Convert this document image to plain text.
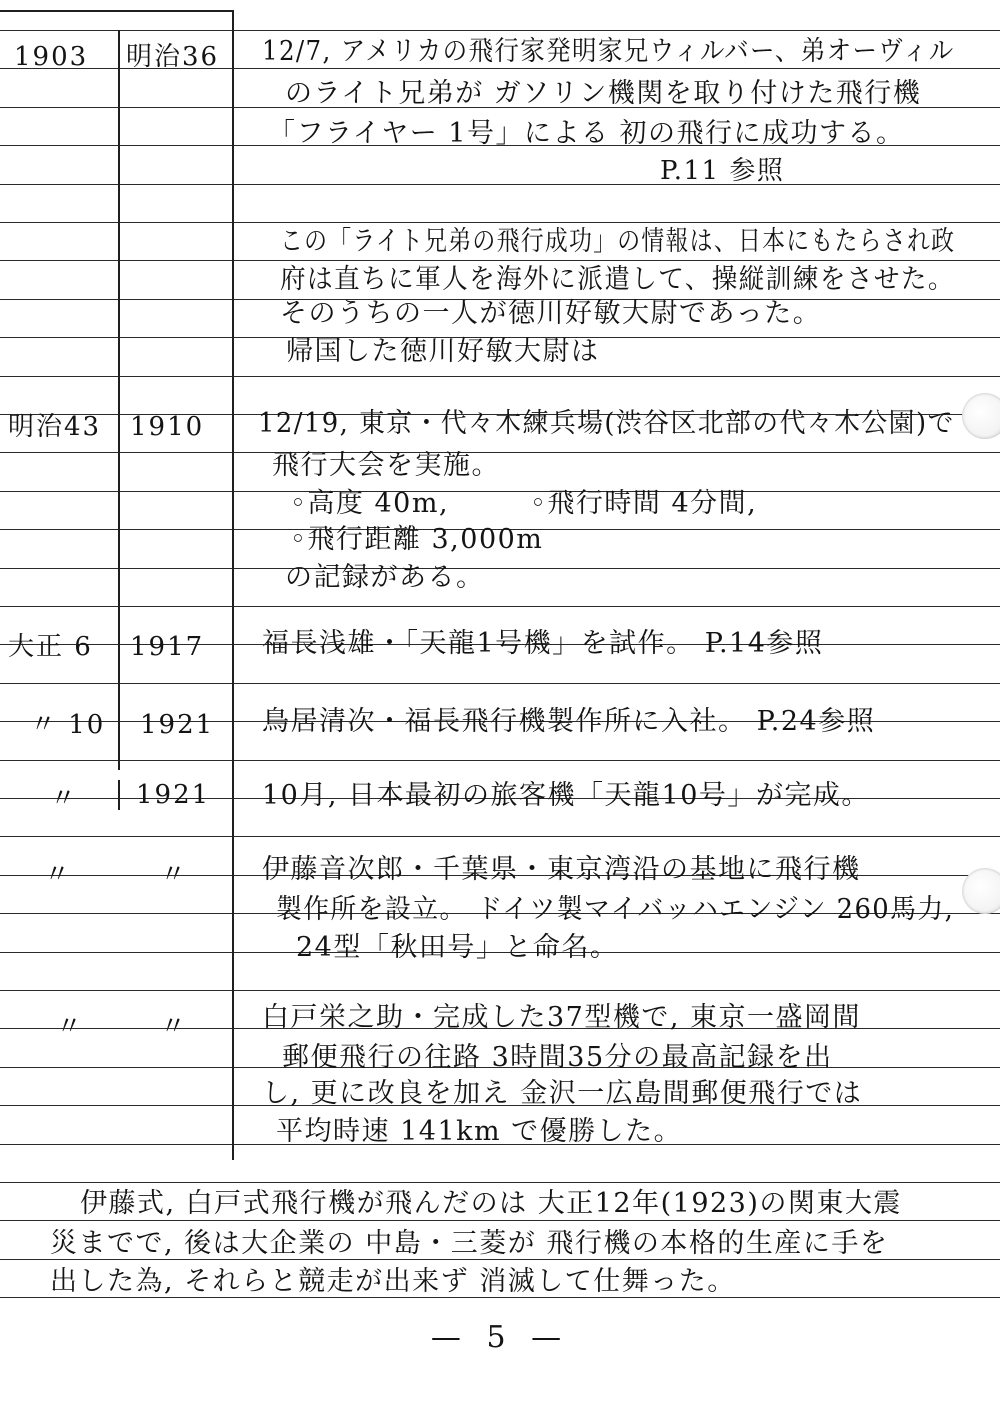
1903 明治36 12/7, アメリカの飛行家発明家兄ウィルバー、弟オーヴィル
のライト兄弟が ガソリン機関を取り付けた飛行機
「フライヤー 1号」による 初の飛行に成功する。
P.11 参照
この「ライト兄弟の飛行成功」の情報は、日本にもたらされ政
府は直ちに軍人を海外に派遣して、操縦訓練をさせた。
そのうちの一人が徳川好敏大尉であった。
帰国した徳川好敏大尉は
明治43 1910 12/19, 東京・代々木練兵場(渋谷区北部の代々木公園)で
飛行大会を実施。
◦高度 40m,	◦飛行時間 4分間,
◦飛行距離 3,000m
の記録がある。
大正 6 1917 福長浅雄・「天龍1号機」を試作。 P.14参照
〃 10 1921 鳥居清次・福長飛行機製作所に入社。 P.24参照
〃 1921 10月, 日本最初の旅客機「天龍10号」が完成。
〃	〃	伊藤音次郎・千葉県・東京湾沿の基地に飛行機
製作所を設立。 ドイツ製マイバッハエンジン 260馬力,
24型「秋田号」と命名。
〃	〃	白戸栄之助・完成した37型機で, 東京一盛岡間
郵便飛行の往路 3時間35分の最高記録を出
し, 更に改良を加え 金沢一広島間郵便飛行では
平均時速 141km で優勝した。
伊藤式, 白戸式飛行機が飛んだのは 大正12年(1923)の関東大震
災までで, 後は大企業の 中島・三菱が 飛行機の本格的生産に手を
出した為, それらと競走が出来ず 消滅して仕舞った。
— 5 —
